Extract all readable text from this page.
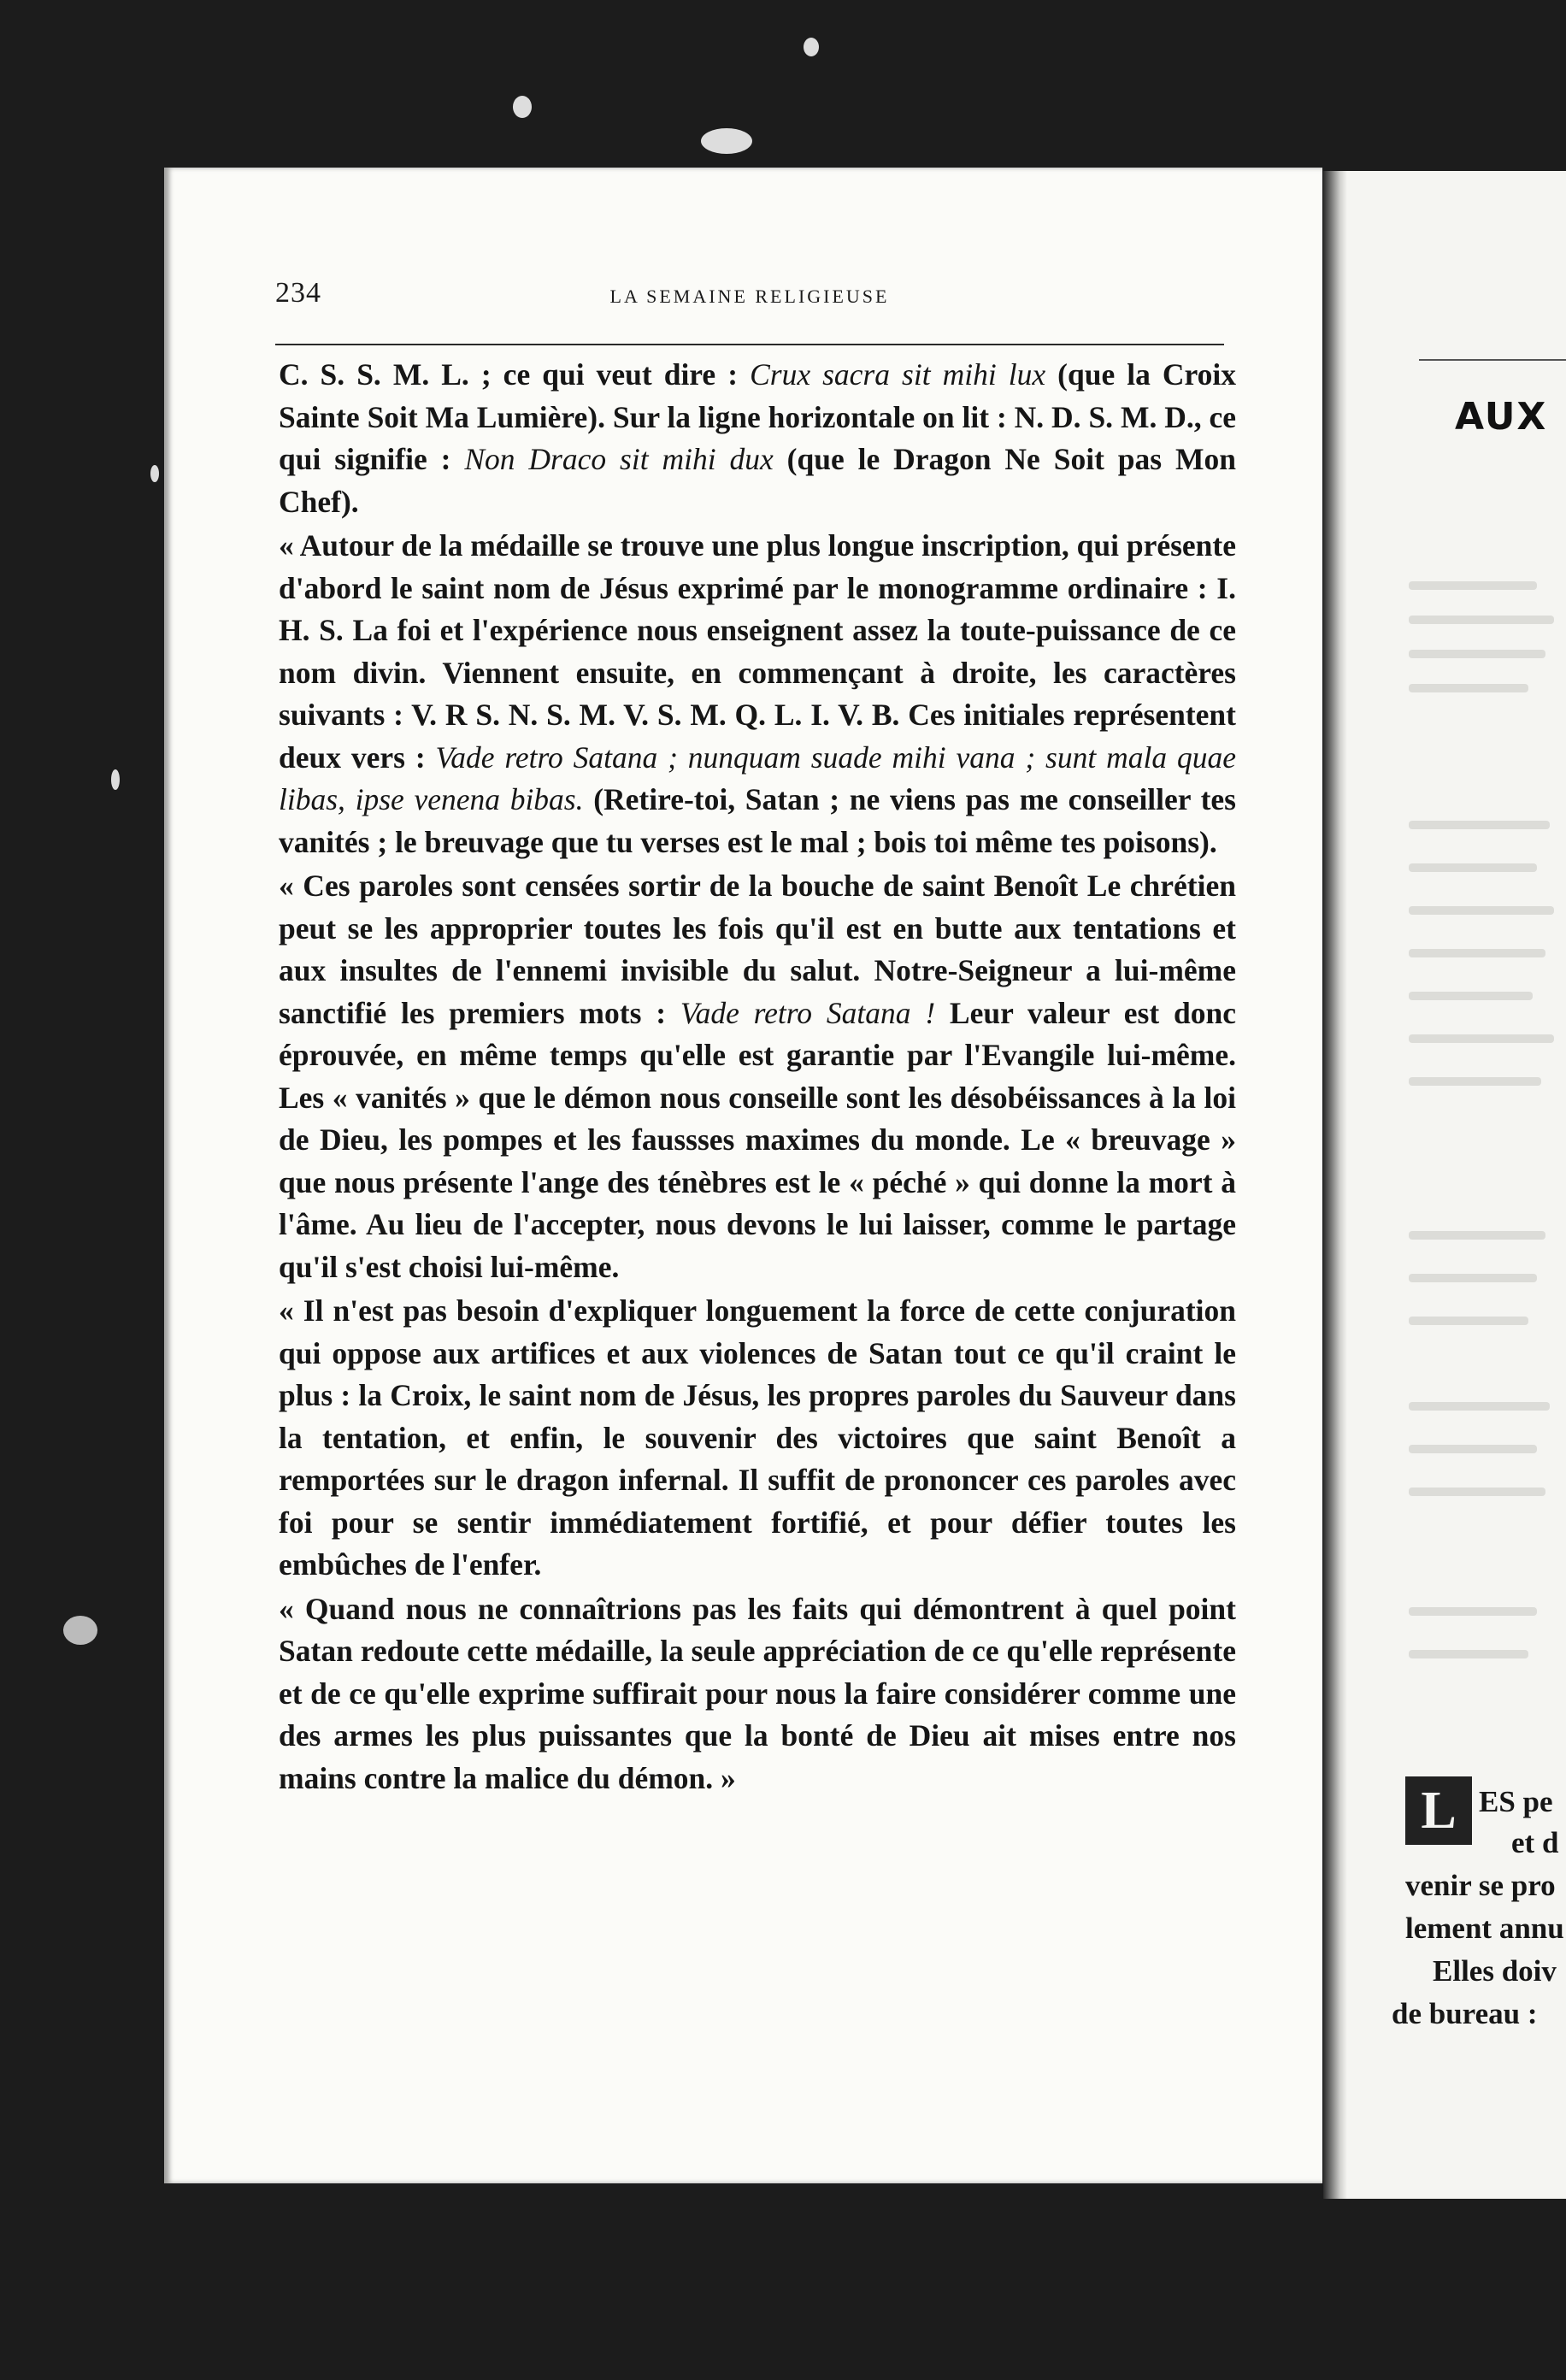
234	LA SEMAINE RELIGIEUSE

C. S. S. M. L. ; ce qui veut dire : Crux sacra sit mihi lux (que la Croix Sainte Soit Ma Lumière). Sur la ligne horizontale on lit : N. D. S. M. D., ce qui signifie : Non Draco sit mihi dux (que le Dragon Ne Soit pas Mon Chef).

« Autour de la médaille se trouve une plus longue inscription, qui présente d'abord le saint nom de Jésus exprimé par le monogramme ordinaire : I. H. S. La foi et l'expérience nous enseignent assez la toute-puissance de ce nom divin. Viennent ensuite, en commençant à droite, les caractères suivants : V. R S. N. S. M. V. S. M. Q. L. I. V. B. Ces initiales représentent deux vers : Vade retro Satana ; nunquam suade mihi vana ; sunt mala quae libas, ipse venena bibas. (Retire-toi, Satan ; ne viens pas me conseiller tes vanités ; le breuvage que tu verses est le mal ; bois toi même tes poisons).

« Ces paroles sont censées sortir de la bouche de saint Benoît Le chrétien peut se les approprier toutes les fois qu'il est en butte aux tentations et aux insultes de l'ennemi invisible du salut. Notre-Seigneur a lui-même sanctifié les premiers mots : Vade retro Satana ! Leur valeur est donc éprouvée, en même temps qu'elle est garantie par l'Evangile lui-même. Les « vanités » que le démon nous conseille sont les désobéissances à la loi de Dieu, les pompes et les faussses maximes du monde. Le « breuvage » que nous présente l'ange des ténèbres est le « péché » qui donne la mort à l'âme. Au lieu de l'accepter, nous devons le lui laisser, comme le partage qu'il s'est choisi lui-même.

« Il n'est pas besoin d'expliquer longuement la force de cette conjuration qui oppose aux artifices et aux violences de Satan tout ce qu'il craint le plus : la Croix, le saint nom de Jésus, les propres paroles du Sauveur dans la tentation, et enfin, le souvenir des victoires que saint Benoît a remportées sur le dragon infernal. Il suffit de prononcer ces paroles avec foi pour se sentir immédiatement fortifié, et pour défier toutes les embûches de l'enfer.

« Quand nous ne connaîtrions pas les faits qui démontrent à quel point Satan redoute cette médaille, la seule appréciation de ce qu'elle représente et de ce qu'elle exprime suffirait pour nous la faire considérer comme une des armes les plus puissantes que la bonté de Dieu ait mises entre nos mains contre la malice du démon. »

AUX
L ES pe
et d
venir se pro
lement annu
Elles doiv
de bureau :
